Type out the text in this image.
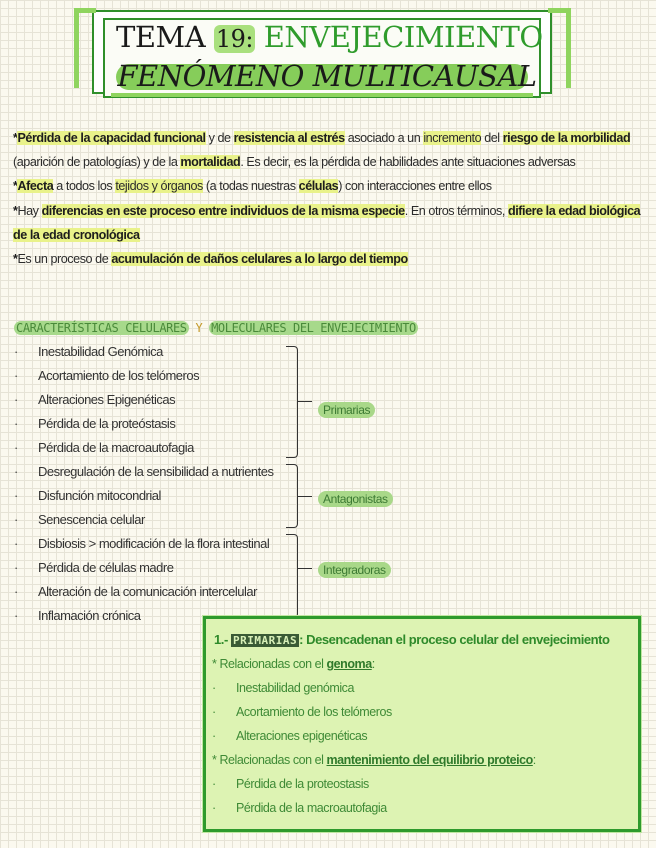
TEMA 19: ENVEJECIMIENTO
FENÓMENO MULTICAUSAL

*Pérdida de la capacidad funcional y de resistencia al estrés asociado a un incremento del riesgo de la morbilidad (aparición de patologías) y de la mortalidad. Es decir, es la pérdida de habilidades ante situaciones adversas

*Afecta a todos los tejidos y órganos (a todas nuestras células) con interacciones entre ellos

*Hay diferencias en este proceso entre individuos de la misma especie. En otros términos, difiere la edad biológica de la edad cronológica

*Es un proceso de acumulación de daños celulares a lo largo del tiempo

CARACTERÍSTICAS CELULARES Y MOLECULARES DEL ENVEJECIMIENTO
·	Inestabilidad Genómica
·	Acortamiento de los telómeros
·	Alteraciones Epigenéticas
·	Pérdida de la proteóstasis
·	Pérdida de la macroautofagia
·	Desregulación de la sensibilidad a nutrientes
·	Disfunción mitocondrial
·	Senescencia celular
·	Disbiosis > modificación de la flora intestinal
·	Pérdida de células madre
·	Alteración de la comunicación intercelular
·	Inflamación crónica
Primarias
Antagonistas
Integradoras
1.- PRIMARIAS : Desencadenan el proceso celular del envejecimiento
* Relacionadas con el genoma:
· Inestabilidad genómica
· Acortamiento de los telómeros
· Alteraciones epigenéticas
* Relacionadas con el mantenimiento del equilibrio proteico:
· Pérdida de la proteostasis
· Pérdida de la macroautofagia
